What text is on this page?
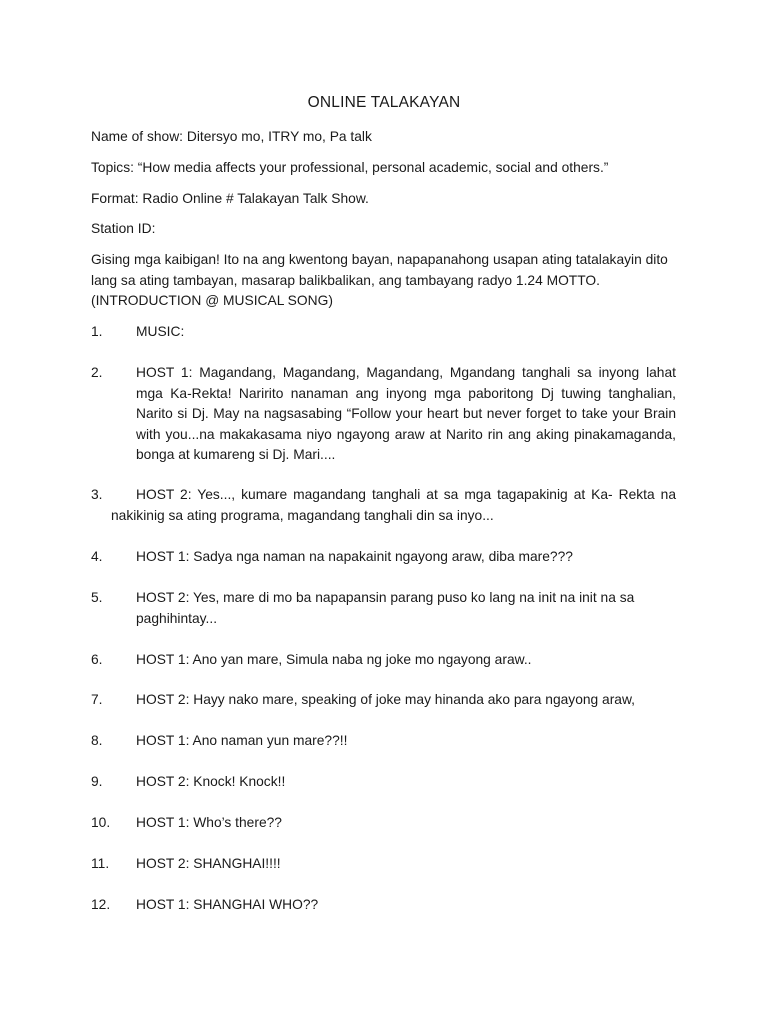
ONLINE TALAKAYAN

Name of show: Ditersyo mo, ITRY mo, Pa talk

Topics: “How media affects your professional, personal academic, social and others.”

Format: Radio Online # Talakayan Talk Show.

Station ID:

Gising mga kaibigan! Ito na ang kwentong bayan, napapanahong usapan ating tatalakayin dito lang sa ating tambayan, masarap balikbalikan, ang tambayang radyo 1.24 MOTTO. (INTRODUCTION @ MUSICAL SONG)

1.	MUSIC:
2.	HOST 1: Magandang, Magandang, Magandang, Mgandang tanghali sa inyong lahat mga Ka-Rekta! Naririto nanaman ang inyong mga paboritong Dj tuwing tanghalian, Narito si Dj. May na nagsasabing “Follow your heart but never forget to take your Brain with you...na makakasama niyo ngayong araw at Narito rin ang aking pinakamaganda, bonga at kumareng si Dj. Mari....
3.	HOST 2: Yes..., kumare magandang tanghali at sa mga tagapakinig at Ka- Rekta na nakikinig sa ating programa, magandang tanghali din sa inyo...
4.	HOST 1: Sadya nga naman na napakainit ngayong araw, diba mare???
5.	HOST 2: Yes, mare di mo ba napapansin parang puso ko lang na init na init na sa paghihintay...
6.	HOST 1: Ano yan mare, Simula naba ng joke mo ngayong araw..
7.	HOST 2: Hayy nako mare, speaking of joke may hinanda ako para ngayong araw,
8.	HOST 1: Ano naman yun mare??!!
9.	HOST 2: Knock! Knock!!
10.	HOST 1: Who’s there??
11.	HOST 2: SHANGHAI!!!!
12.	HOST 1: SHANGHAI WHO??
